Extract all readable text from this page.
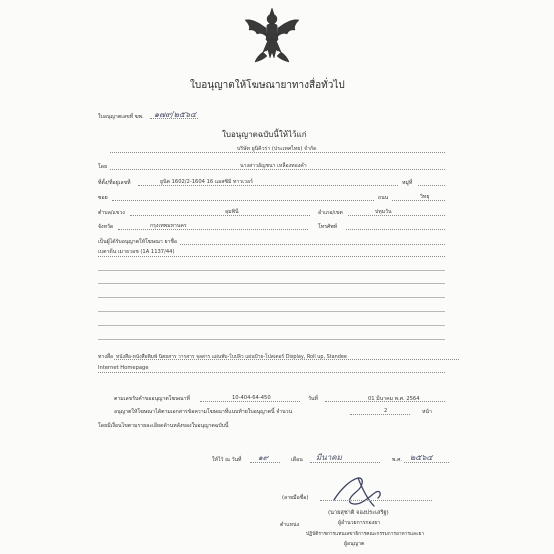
ใบอนุญาตให้โฆษณายาทางสื่อทั่วไป
ใบอนุญาตเลขที่ ฆพ. ๑๗๙/๒๕๖๔
ใบอนุญาตฉบับนี้ให้ไว้แก่
บริษัท ยูนิคิวร่า (ประเทศไทย) จำกัด
โดย	นางสาวอัญชนา เหลืองทองคำ
ที่ตั้ง/ที่อยู่เลขที่	ยูนิต 1602/2-1604 16 แอสซิมิ ทาวเวอร์	หมู่ที่
ซอย	ถนน	วิทยุ
ตำบล/แขวง	ลุมพินี	อำเภอ/เขต	ปทุมวัน
จังหวัด	กรุงเทพมหานคร	โทรศัพท์
เป็นผู้ได้รับอนุญาตให้โฆษณา ยาชื่อ
เบตาดีน เมาธวอช (1A 1137/44)
ทางสื่อ หนังสือ-หนังสือพิมพ์ นิตยสาร วารสาร จุลสาร แผ่นพับ-ใบปลิว แผ่นป้าย-โปสเตอร์ Display, Roll up, Standee
Internet Homepage
ตามเลขรับคำขออนุญาตโฆษณาที่	10-404-64-450	วันที่	01 มีนาคม พ.ศ. 2564
อนุญาตให้โฆษณาได้ตามเอกสารข้อความโฆษณาที่แนบท้ายใบอนุญาตนี้ จำนวน	2	หน้า
โดยมีเงื่อนไขตามรายละเอียดด้านหลังของใบอนุญาตฉบับนี้
ให้ไว้ ณ วันที่ ๑๙	เดือน มีนาคม	พ.ศ. ๒๕๖๔
(ลายมือชื่อ)
(นายสุชาติ จองประเสริฐ)
ตำแหน่ง	ผู้อำนวยการกองยา
ปฏิบัติราชการแทนเลขาธิการคณะกรรมการอาหารและยา
ผู้อนุญาต
